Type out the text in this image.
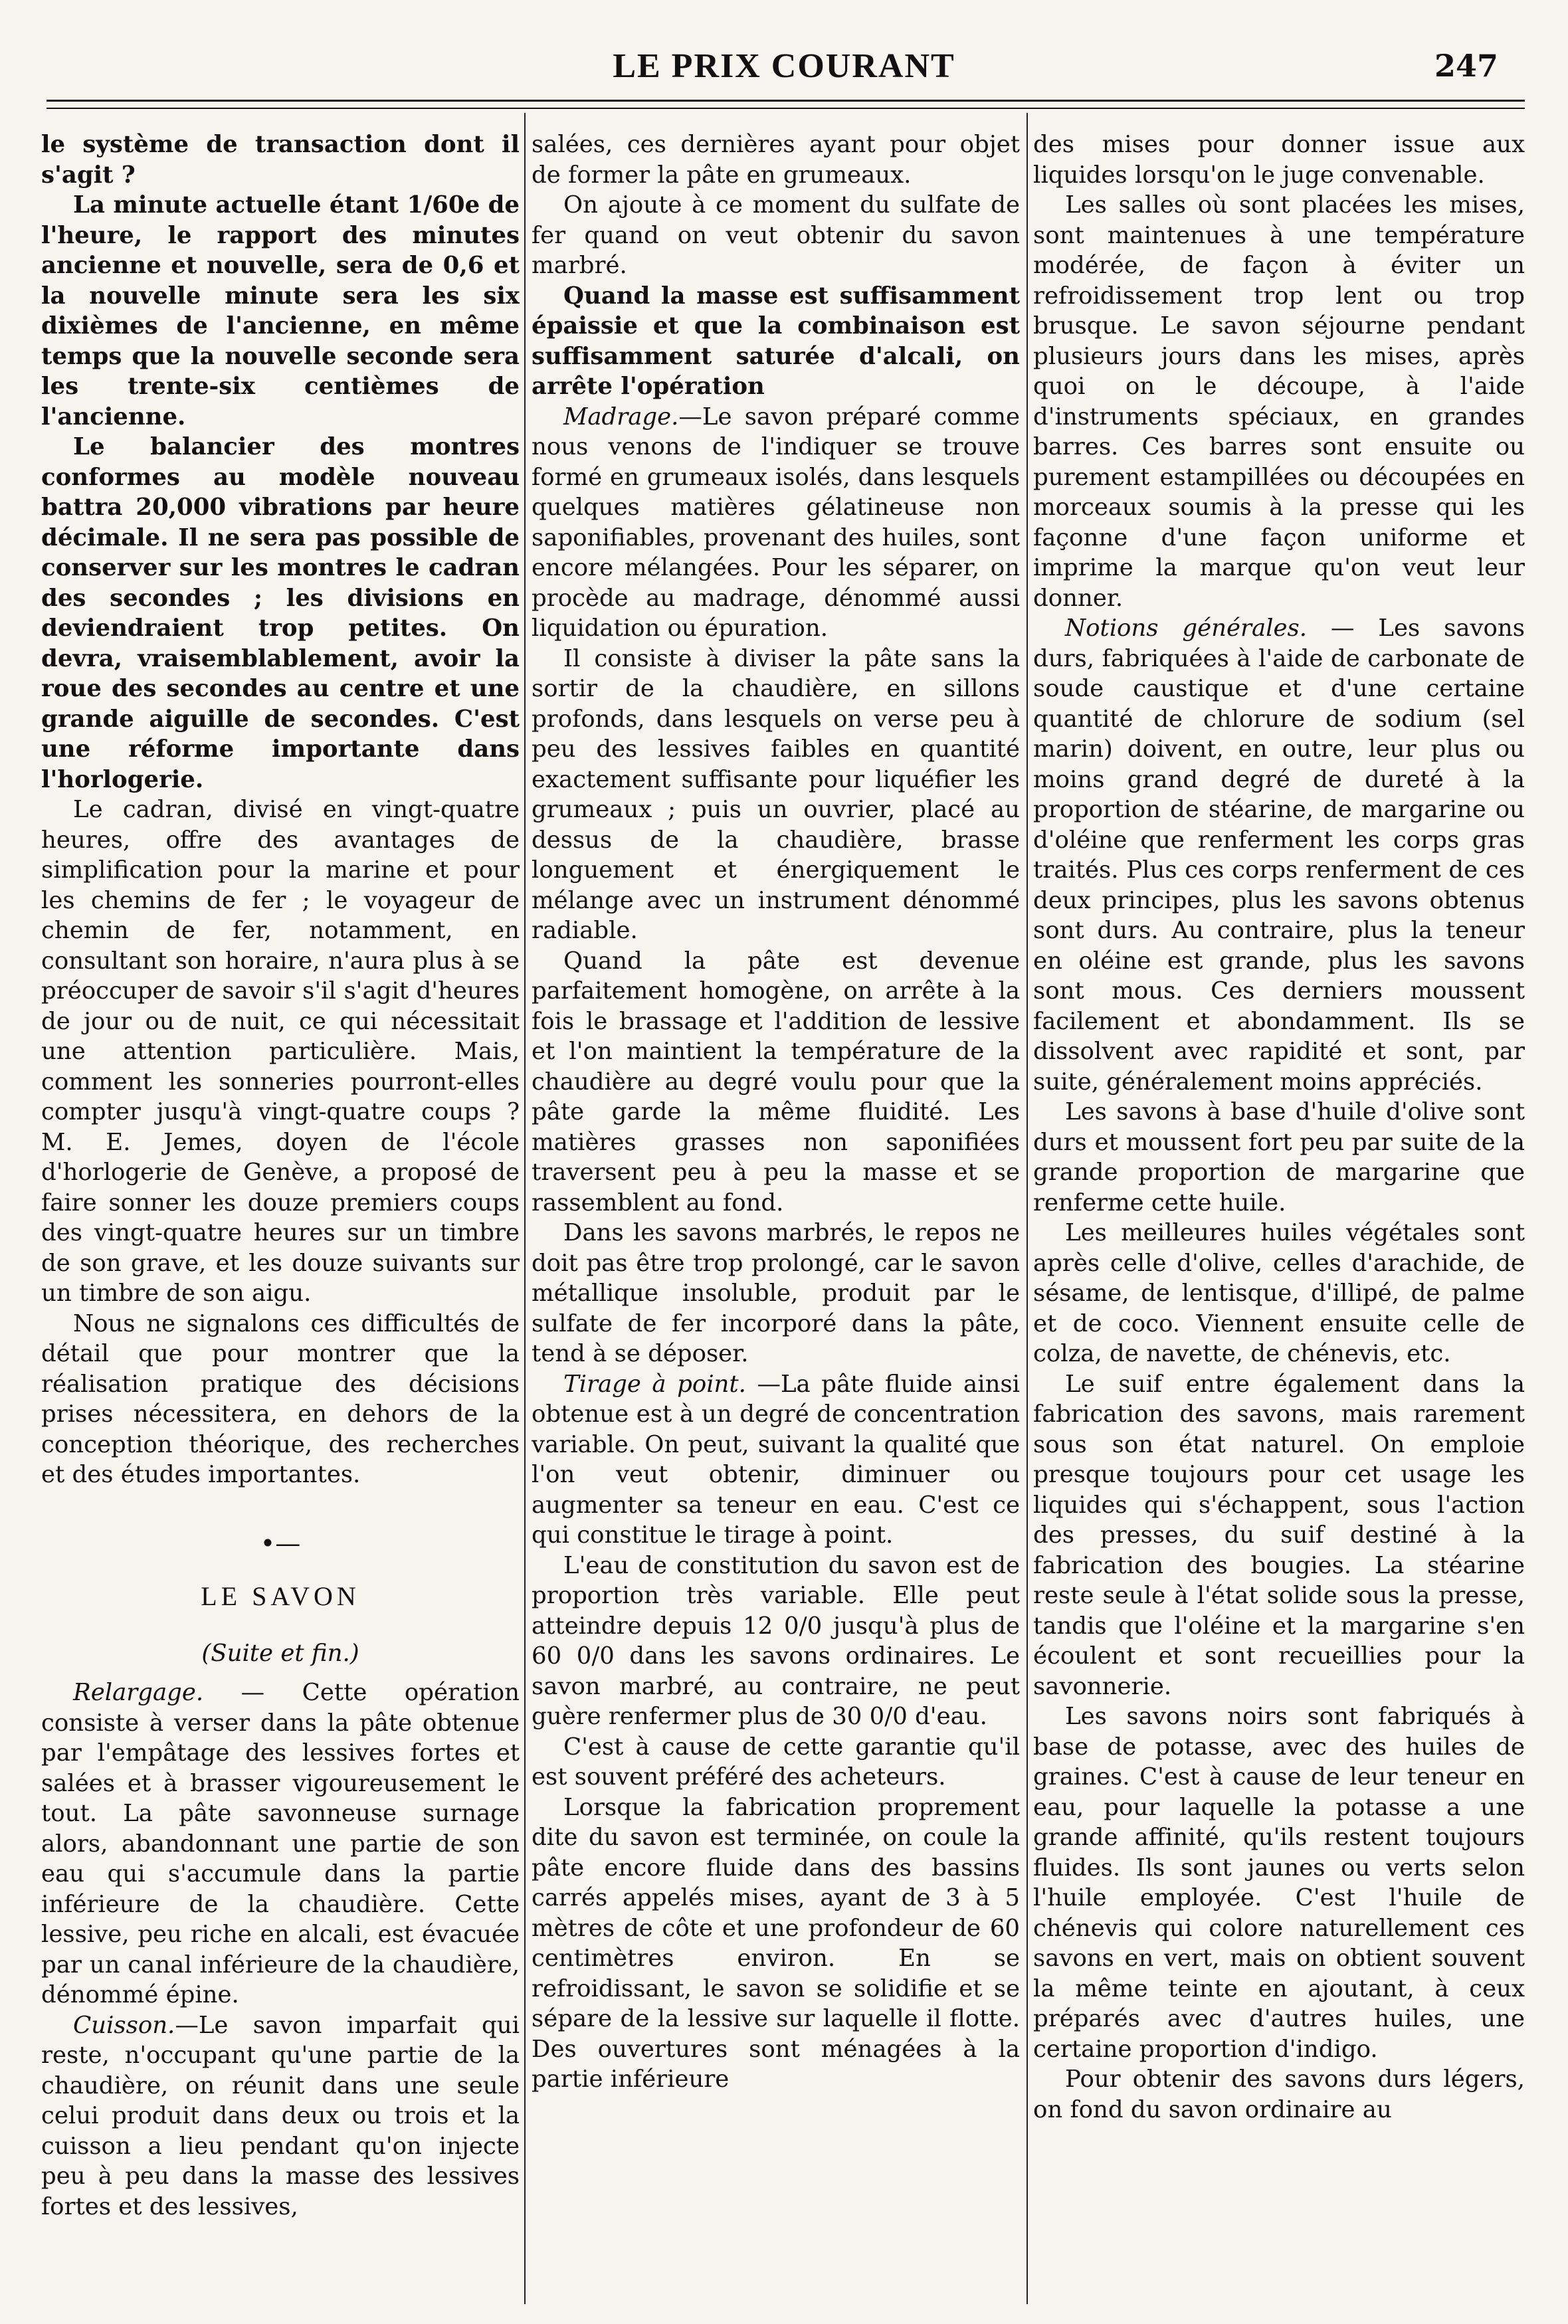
LE PRIX COURANT	247

le système de transaction dont il s'agit ?

La minute actuelle étant 1/60e de l'heure, le rapport des minutes ancienne et nouvelle, sera de 0,6 et la nouvelle minute sera les six dixièmes de l'ancienne, en même temps que la nouvelle seconde sera les trente-six centièmes de l'ancienne.

Le balancier des montres conformes au modèle nouveau battra 20,000 vibrations par heure décimale. Il ne sera pas possible de conserver sur les montres le cadran des secondes ; les divisions en deviendraient trop petites. On devra, vraisemblablement, avoir la roue des secondes au centre et une grande aiguille de secondes. C'est une réforme importante dans l'horlogerie.

Le cadran, divisé en vingt-quatre heures, offre des avantages de simplification pour la marine et pour les chemins de fer ; le voyageur de chemin de fer, notamment, en consultant son horaire, n'aura plus à se préoccuper de savoir s'il s'agit d'heures de jour ou de nuit, ce qui nécessitait une attention particulière. Mais, comment les sonneries pourront-elles compter jusqu'à vingt-quatre coups ? M. E. Jemes, doyen de l'école d'horlogerie de Genève, a proposé de faire sonner les douze premiers coups des vingt-quatre heures sur un timbre de son grave, et les douze suivants sur un timbre de son aigu.

Nous ne signalons ces difficultés de détail que pour montrer que la réalisation pratique des décisions prises nécessitera, en dehors de la conception théorique, des recherches et des études importantes.

•—
LE SAVON
(Suite et fin.)

Relargage. — Cette opération consiste à verser dans la pâte obtenue par l'empâtage des lessives fortes et salées et à brasser vigoureusement le tout. La pâte savonneuse surnage alors, abandonnant une partie de son eau qui s'accumule dans la partie inférieure de la chaudière. Cette lessive, peu riche en alcali, est évacuée par un canal inférieure de la chaudière, dénommé épine.

Cuisson.—Le savon imparfait qui reste, n'occupant qu'une partie de la chaudière, on réunit dans une seule celui produit dans deux ou trois et la cuisson a lieu pendant qu'on injecte peu à peu dans la masse des lessives fortes et des lessives,

salées, ces dernières ayant pour objet de former la pâte en grumeaux.

On ajoute à ce moment du sulfate de fer quand on veut obtenir du savon marbré.

Quand la masse est suffisamment épaissie et que la combinaison est suffisamment saturée d'alcali, on arrête l'opération

Madrage.—Le savon préparé comme nous venons de l'indiquer se trouve formé en grumeaux isolés, dans lesquels quelques matières gélatineuse non saponifiables, provenant des huiles, sont encore mélangées. Pour les séparer, on procède au madrage, dénommé aussi liquidation ou épuration.

Il consiste à diviser la pâte sans la sortir de la chaudière, en sillons profonds, dans lesquels on verse peu à peu des lessives faibles en quantité exactement suffisante pour liquéfier les grumeaux ; puis un ouvrier, placé au dessus de la chaudière, brasse longuement et énergiquement le mélange avec un instrument dénommé radiable.

Quand la pâte est devenue parfaitement homogène, on arrête à la fois le brassage et l'addition de lessive et l'on maintient la température de la chaudière au degré voulu pour que la pâte garde la même fluidité. Les matières grasses non saponifiées traversent peu à peu la masse et se rassemblent au fond.

Dans les savons marbrés, le repos ne doit pas être trop prolongé, car le savon métallique insoluble, produit par le sulfate de fer incorporé dans la pâte, tend à se déposer.

Tirage à point. —La pâte fluide ainsi obtenue est à un degré de concentration variable. On peut, suivant la qualité que l'on veut obtenir, diminuer ou augmenter sa teneur en eau. C'est ce qui constitue le tirage à point.

L'eau de constitution du savon est de proportion très variable. Elle peut atteindre depuis 12 0/0 jusqu'à plus de 60 0/0 dans les savons ordinaires. Le savon marbré, au contraire, ne peut guère renfermer plus de 30 0/0 d'eau.

C'est à cause de cette garantie qu'il est souvent préféré des acheteurs.

Lorsque la fabrication proprement dite du savon est terminée, on coule la pâte encore fluide dans des bassins carrés appelés mises, ayant de 3 à 5 mètres de côte et une profondeur de 60 centimètres environ. En se refroidissant, le savon se solidifie et se sépare de la lessive sur laquelle il flotte. Des ouvertures sont ménagées à la partie inférieure

des mises pour donner issue aux liquides lorsqu'on le juge convenable.

Les salles où sont placées les mises, sont maintenues à une température modérée, de façon à éviter un refroidissement trop lent ou trop brusque. Le savon séjourne pendant plusieurs jours dans les mises, après quoi on le découpe, à l'aide d'instruments spéciaux, en grandes barres. Ces barres sont ensuite ou purement estampillées ou découpées en morceaux soumis à la presse qui les façonne d'une façon uniforme et imprime la marque qu'on veut leur donner.

Notions générales. — Les savons durs, fabriquées à l'aide de carbonate de soude caustique et d'une certaine quantité de chlorure de sodium (sel marin) doivent, en outre, leur plus ou moins grand degré de dureté à la proportion de stéarine, de margarine ou d'oléine que renferment les corps gras traités. Plus ces corps renferment de ces deux principes, plus les savons obtenus sont durs. Au contraire, plus la teneur en oléine est grande, plus les savons sont mous. Ces derniers moussent facilement et abondamment. Ils se dissolvent avec rapidité et sont, par suite, généralement moins appréciés.

Les savons à base d'huile d'olive sont durs et moussent fort peu par suite de la grande proportion de margarine que renferme cette huile.

Les meilleures huiles végétales sont après celle d'olive, celles d'arachide, de sésame, de lentisque, d'illipé, de palme et de coco. Viennent ensuite celle de colza, de navette, de chénevis, etc.

Le suif entre également dans la fabrication des savons, mais rarement sous son état naturel. On emploie presque toujours pour cet usage les liquides qui s'échappent, sous l'action des presses, du suif destiné à la fabrication des bougies. La stéarine reste seule à l'état solide sous la presse, tandis que l'oléine et la margarine s'en écoulent et sont recueillies pour la savonnerie.

Les savons noirs sont fabriqués à base de potasse, avec des huiles de graines. C'est à cause de leur teneur en eau, pour laquelle la potasse a une grande affinité, qu'ils restent toujours fluides. Ils sont jaunes ou verts selon l'huile employée. C'est l'huile de chénevis qui colore naturellement ces savons en vert, mais on obtient souvent la même teinte en ajoutant, à ceux préparés avec d'autres huiles, une certaine proportion d'indigo.

Pour obtenir des savons durs légers, on fond du savon ordinaire au
